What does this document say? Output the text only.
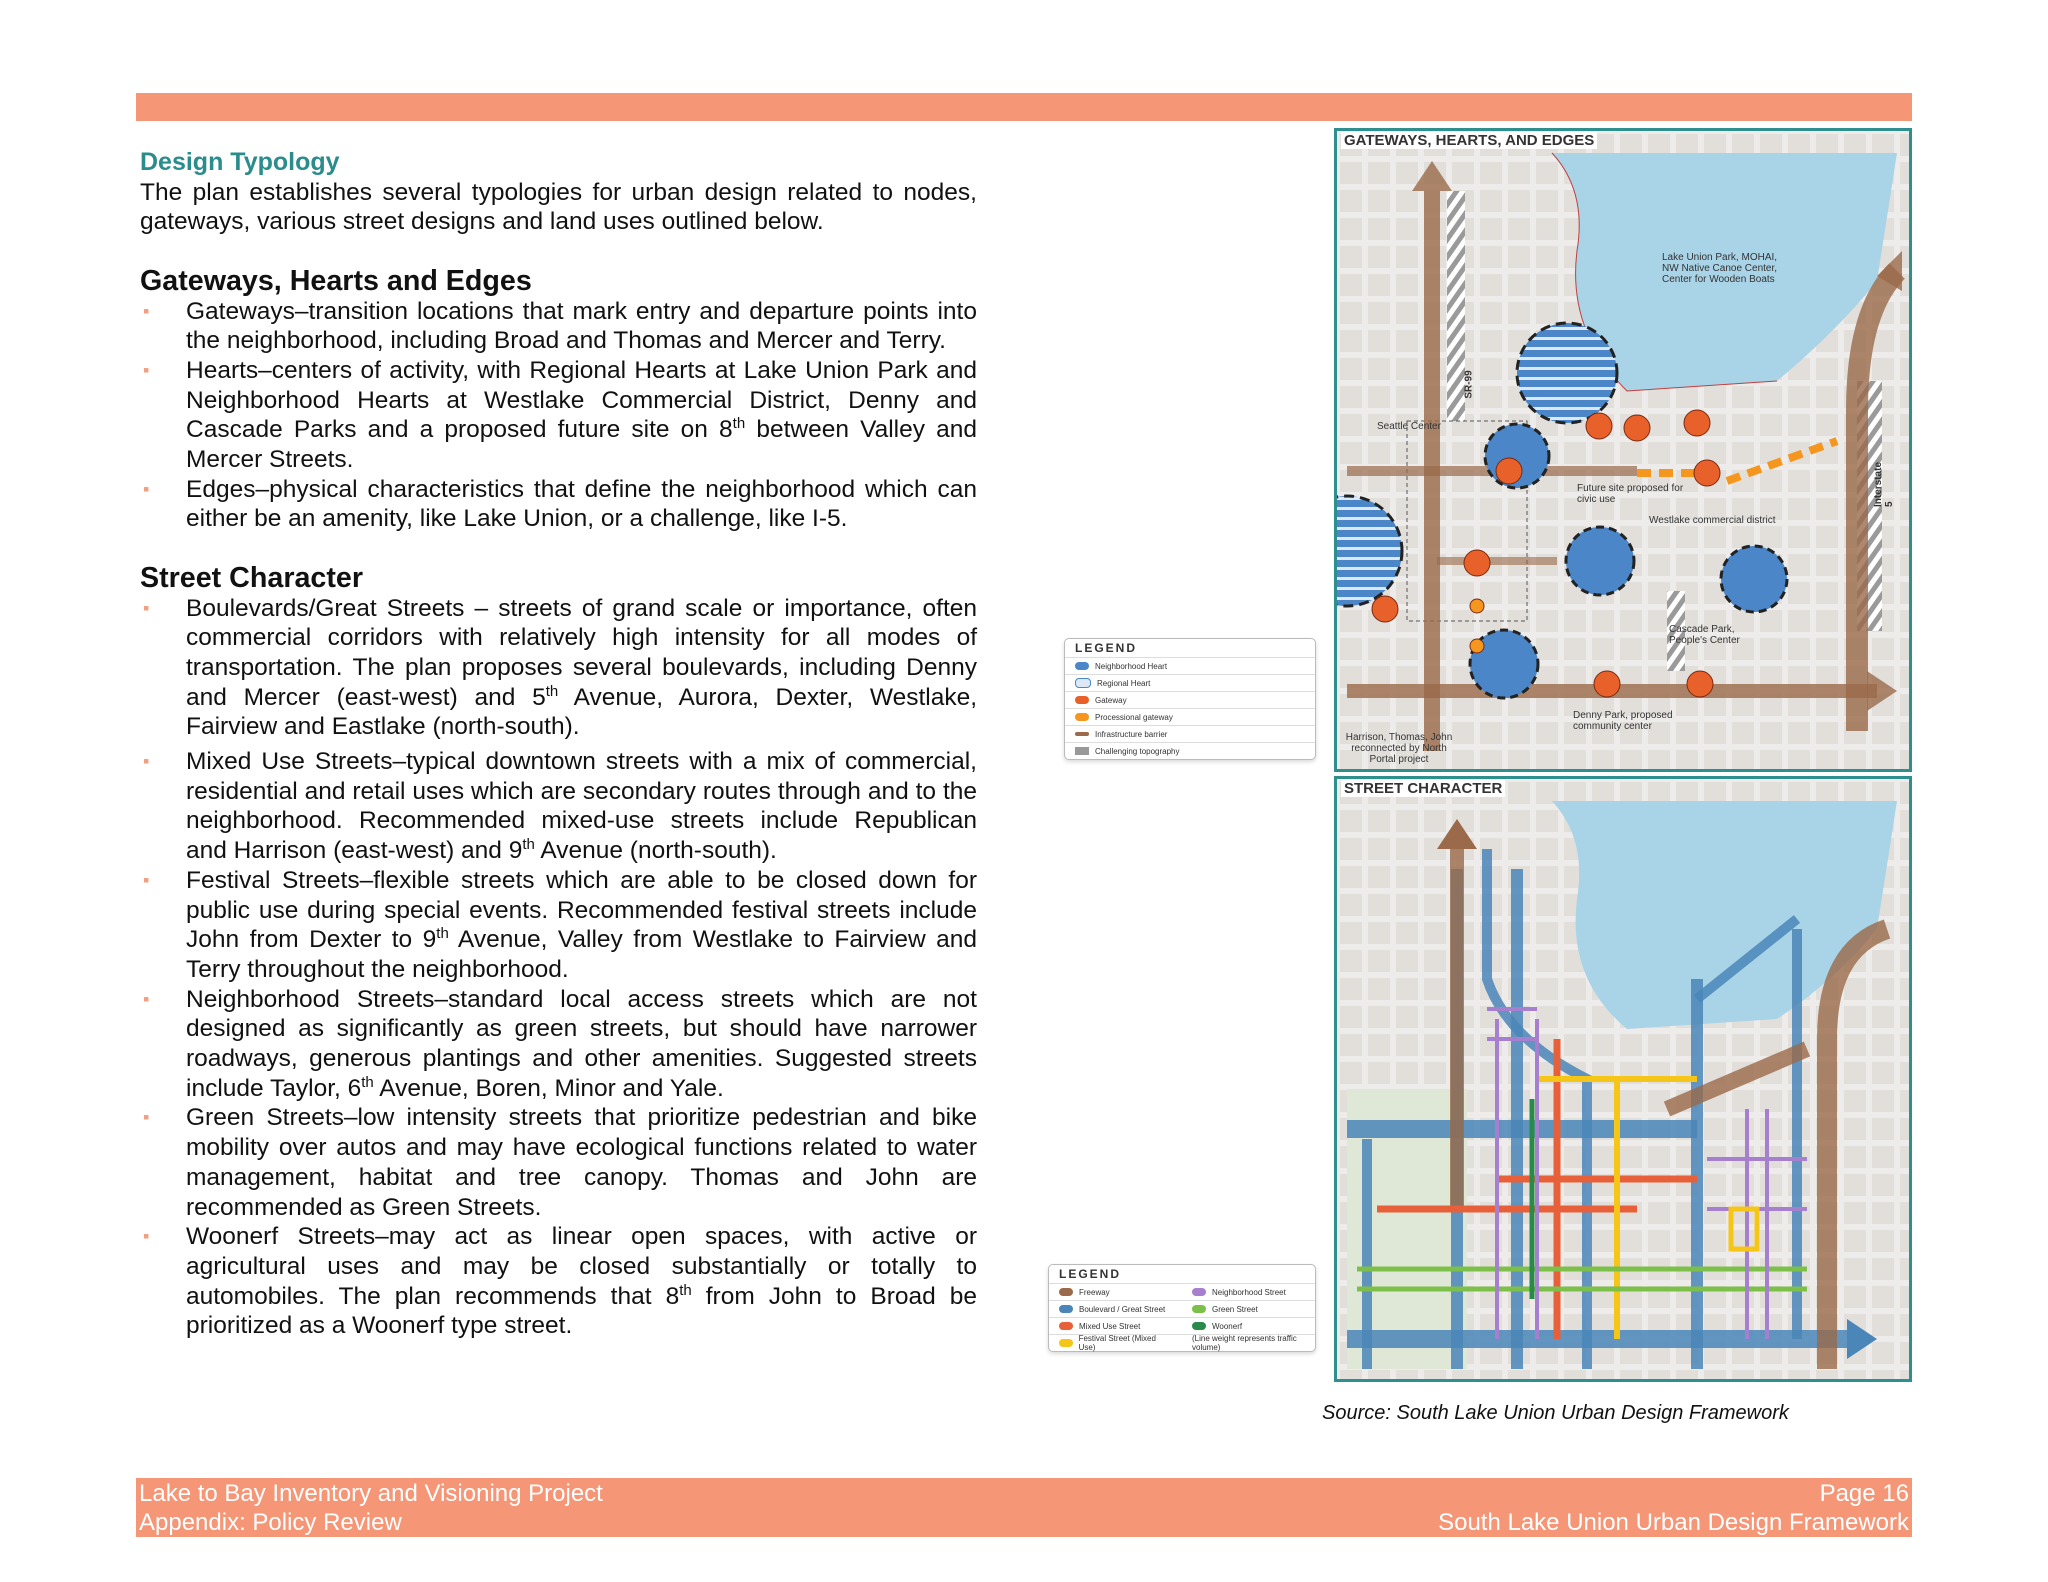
Design Typology

The plan establishes several typologies for urban design related to nodes, gateways, various street designs and land uses outlined below.

Gateways, Hearts and Edges
▪ Gateways–transition locations that mark entry and departure points into the neighborhood, including Broad and Thomas and Mercer and Terry.
▪ Hearts–centers of activity, with Regional Hearts at Lake Union Park and Neighborhood Hearts at Westlake Commercial District, Denny and Cascade Parks and a proposed future site on 8th between Valley and Mercer Streets.
▪ Edges–physical characteristics that define the neighborhood which can either be an amenity, like Lake Union, or a challenge, like I-5.
Street Character
▪ Boulevards/Great Streets – streets of grand scale or importance, often commercial corridors with relatively high intensity for all modes of transportation. The plan proposes several boulevards, including Denny and Mercer (east-west) and 5th Avenue, Aurora, Dexter, Westlake, Fairview and Eastlake (north-south).
▪ Mixed Use Streets–typical downtown streets with a mix of commercial, residential and retail uses which are secondary routes through and to the neighborhood. Recommended mixed-use streets include Republican and Harrison (east-west) and 9th Avenue (north-south).
▪ Festival Streets–flexible streets which are able to be closed down for public use during special events. Recommended festival streets include John from Dexter to 9th Avenue, Valley from Westlake to Fairview and Terry throughout the neighborhood.
▪ Neighborhood Streets–standard local access streets which are not designed as significantly as green streets, but should have narrower roadways, generous plantings and other amenities. Suggested streets include Taylor, 6th Avenue, Boren, Minor and Yale.
▪ Green Streets–low intensity streets that prioritize pedestrian and bike mobility over autos and may have ecological functions related to water management, habitat and tree canopy. Thomas and John are recommended as Green Streets.
▪ Woonerf Streets–may act as linear open spaces, with active or agricultural uses and may be closed substantially or totally to automobiles. The plan recommends that 8th from John to Broad be prioritized as a Woonerf type street.
GATEWAYS, HEARTS, AND EDGES
Lake Union Park, MOHAI, NW Native Canoe Center, Center for Wooden Boats
Seattle Center
Future site proposed for civic use
Westlake commercial district
Cascade Park, People's Center
Denny Park, proposed community center
Harrison, Thomas, John reconnected by North Portal project
SR-99
Interstate 5
LEGEND
Neighborhood Heart
Regional Heart
Gateway
Processional gateway
Infrastructure barrier
Challenging topography
STREET CHARACTER
LEGEND
Freeway	Neighborhood Street
Boulevard / Great Street	Green Street
Mixed Use Street	Woonerf
Festival Street (Mixed Use)
(Line weight represents traffic volume)
Source: South Lake Union Urban Design Framework
Lake to Bay Inventory and Visioning Project
Appendix: Policy Review
Page 16
South Lake Union Urban Design Framework
